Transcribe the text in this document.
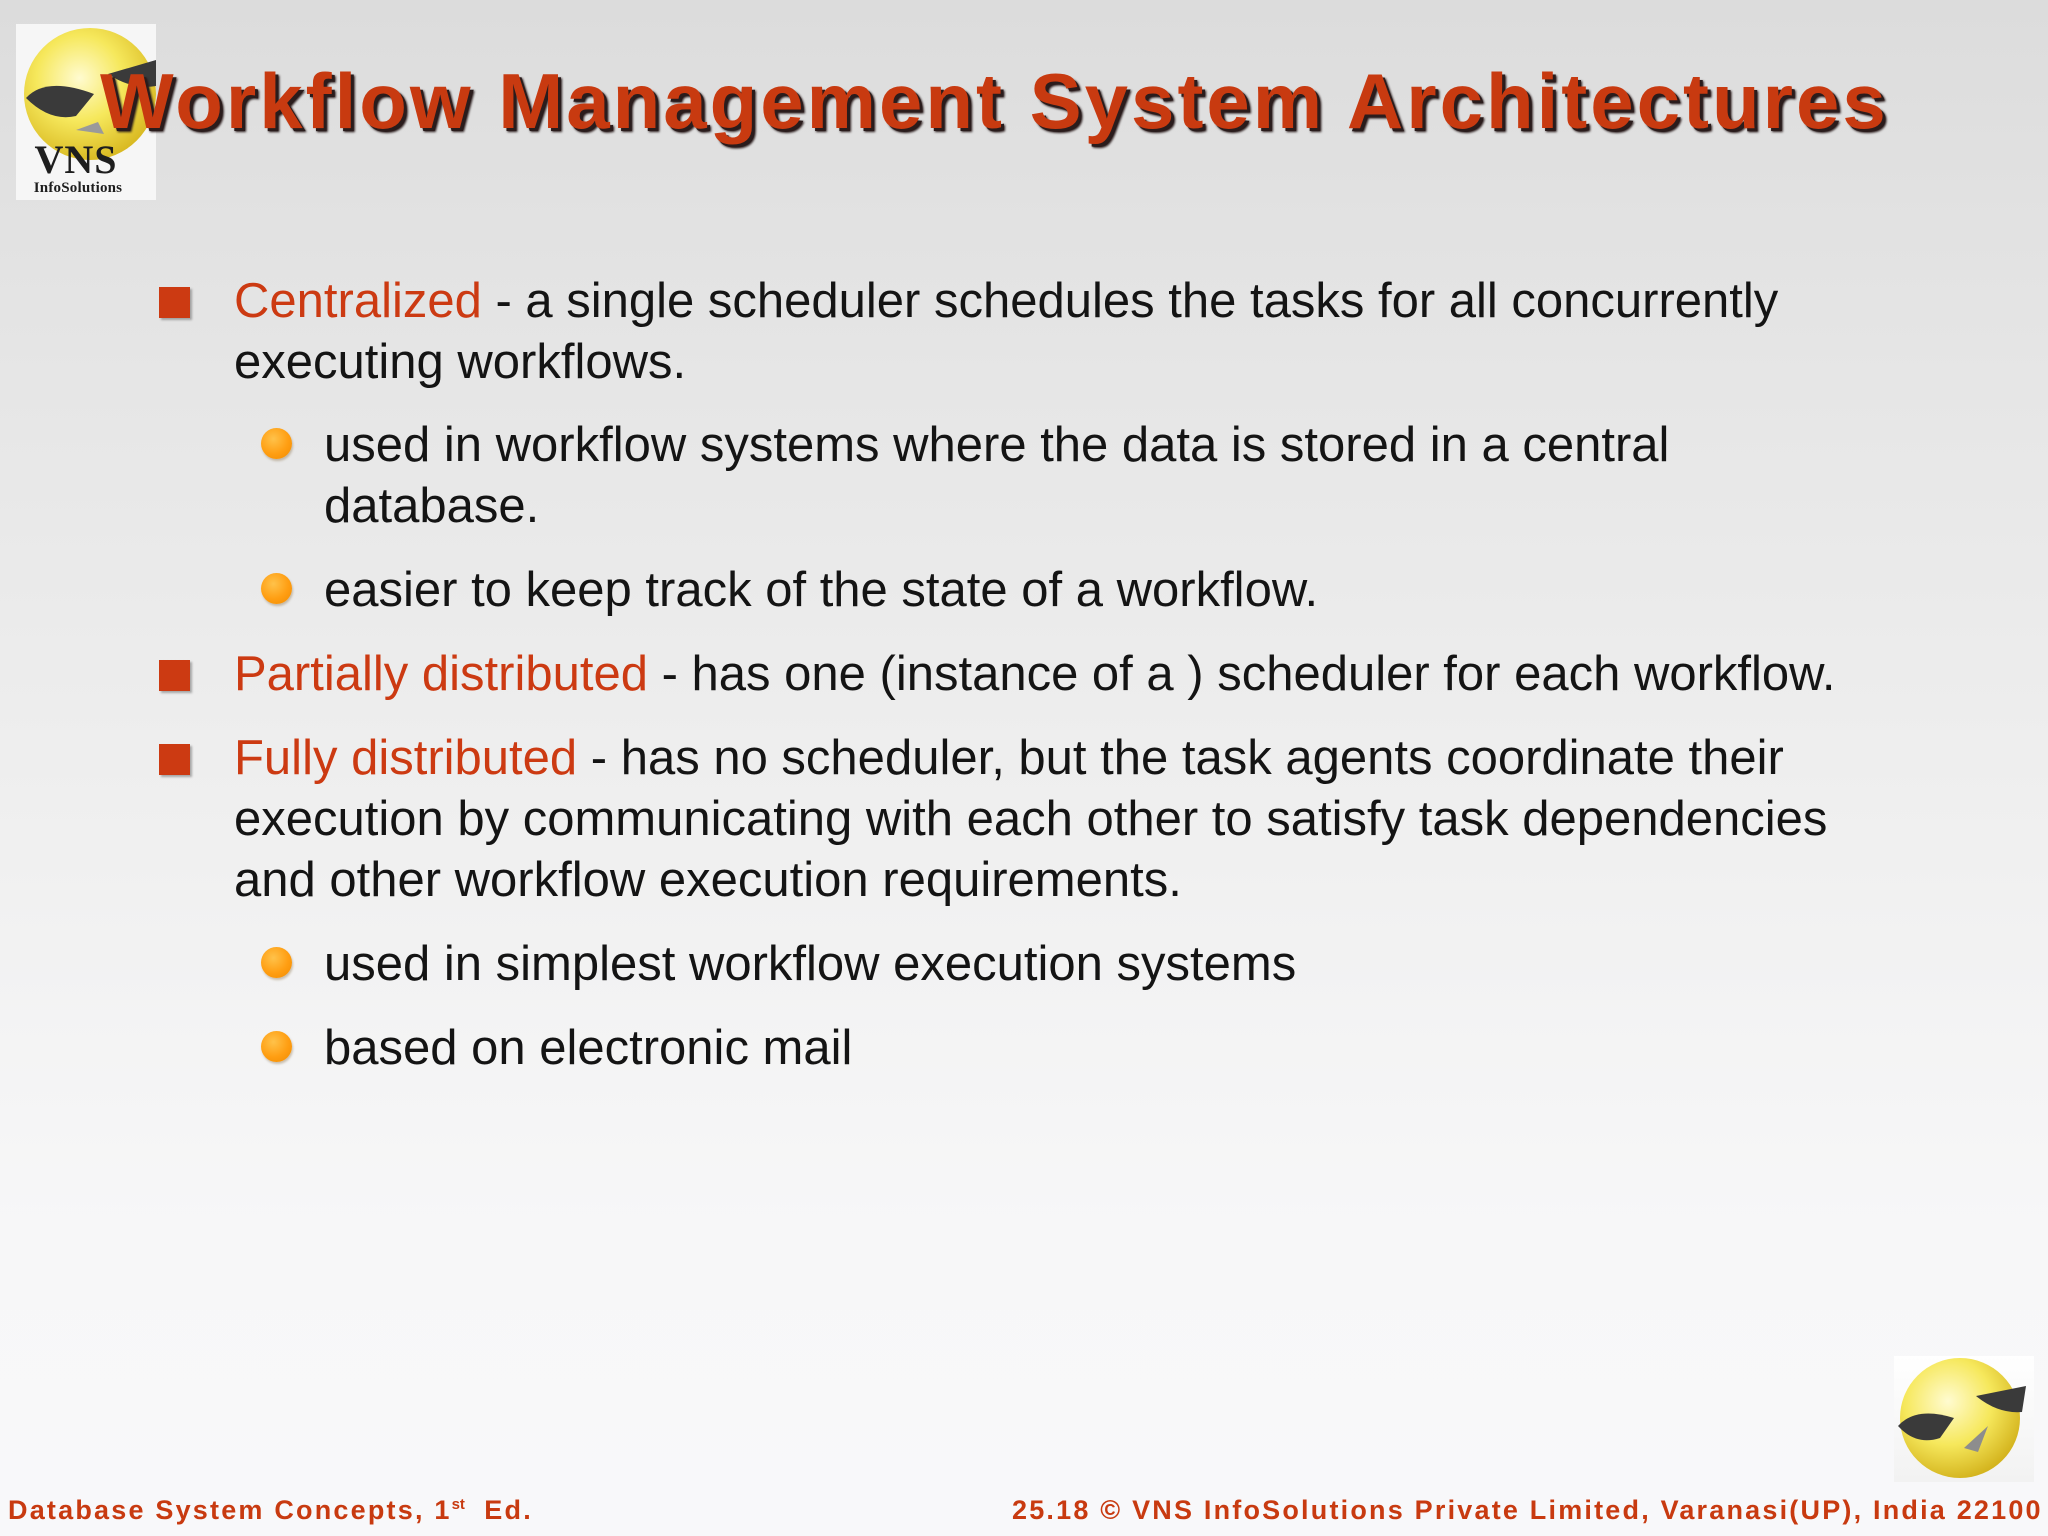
VNS
InfoSolutions
Workflow Management System Architectures
Centralized - a single scheduler schedules the tasks for all concurrently
executing workflows.
used in workflow systems where the data is stored in a central
database.
easier to keep track of the state of a workflow.
Partially distributed - has one (instance of a ) scheduler for each workflow.
Fully distributed - has no scheduler, but the task agents coordinate their
execution by communicating with each other to satisfy task dependencies
and other workflow execution requirements.
used in simplest workflow execution systems
based on electronic mail
Database System Concepts, 1st  Ed.	25.18 © VNS InfoSolutions Private Limited, Varanasi(UP), India 22100
